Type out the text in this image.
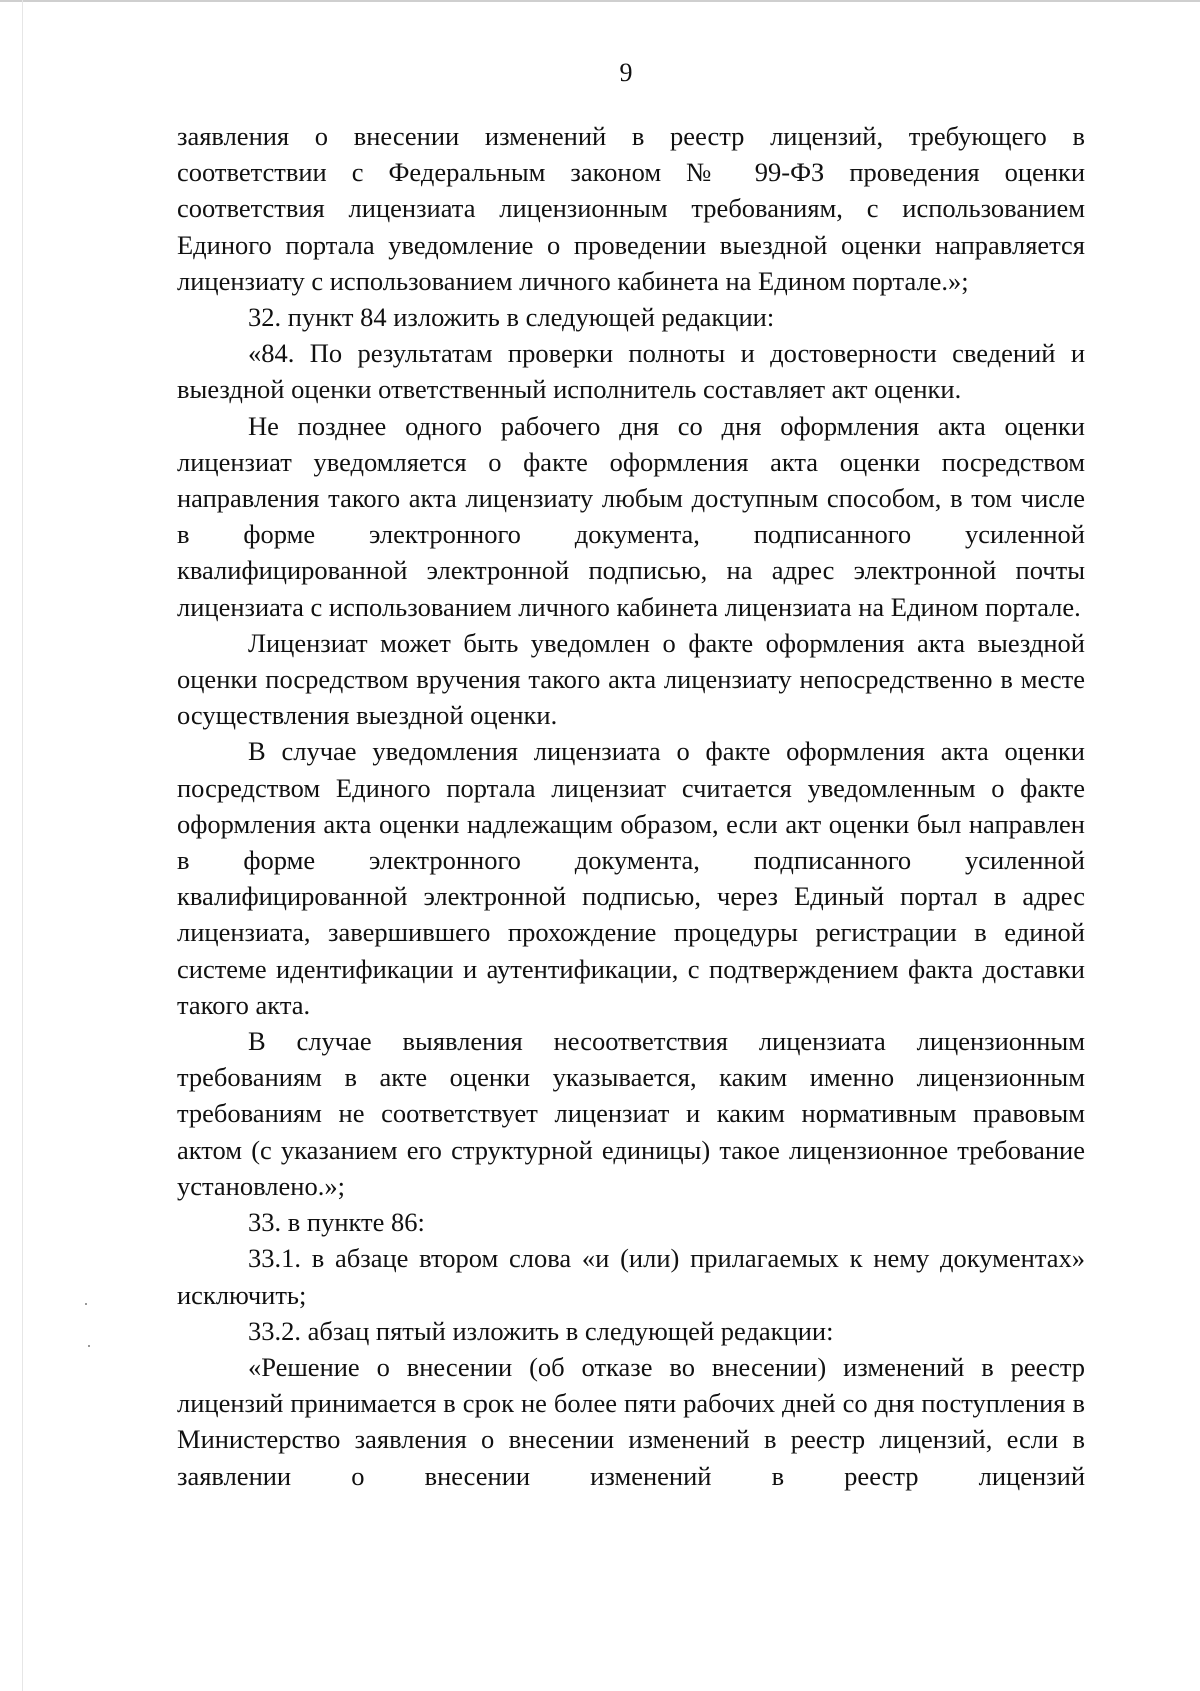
9

заявления о внесении изменений в реестр лицензий, требующего в соответствии с Федеральным законом № 99-ФЗ проведения оценки соответствия лицензиата лицензионным требованиям, с использованием Единого портала уведомление о проведении выездной оценки направляется лицензиату с использованием личного кабинета на Едином портале.»;

32. пункт 84 изложить в следующей редакции:

«84. По результатам проверки полноты и достоверности сведений и выездной оценки ответственный исполнитель составляет акт оценки.

Не позднее одного рабочего дня со дня оформления акта оценки лицензиат уведомляется о факте оформления акта оценки посредством направления такого акта лицензиату любым доступным способом, в том числе в форме электронного документа, подписанного усиленной квалифицированной электронной подписью, на адрес электронной почты лицензиата с использованием личного кабинета лицензиата на Едином портале.

Лицензиат может быть уведомлен о факте оформления акта выездной оценки посредством вручения такого акта лицензиату непосредственно в месте осуществления выездной оценки.

В случае уведомления лицензиата о факте оформления акта оценки посредством Единого портала лицензиат считается уведомленным о факте оформления акта оценки надлежащим образом, если акт оценки был направлен в форме электронного документа, подписанного усиленной квалифицированной электронной подписью, через Единый портал в адрес лицензиата, завершившего прохождение процедуры регистрации в единой системе идентификации и аутентификации, с подтверждением факта доставки такого акта.

В случае выявления несоответствия лицензиата лицензионным требованиям в акте оценки указывается, каким именно лицензионным требованиям не соответствует лицензиат и каким нормативным правовым актом (с указанием его структурной единицы) такое лицензионное требование установлено.»;

33. в пункте 86:

33.1. в абзаце втором слова «и (или) прилагаемых к нему документах» исключить;

33.2. абзац пятый изложить в следующей редакции:

«Решение о внесении (об отказе во внесении) изменений в реестр лицензий принимается в срок не более пяти рабочих дней со дня поступления в Министерство заявления о внесении изменений в реестр лицензий, если в заявлении о внесении изменений в реестр лицензий
